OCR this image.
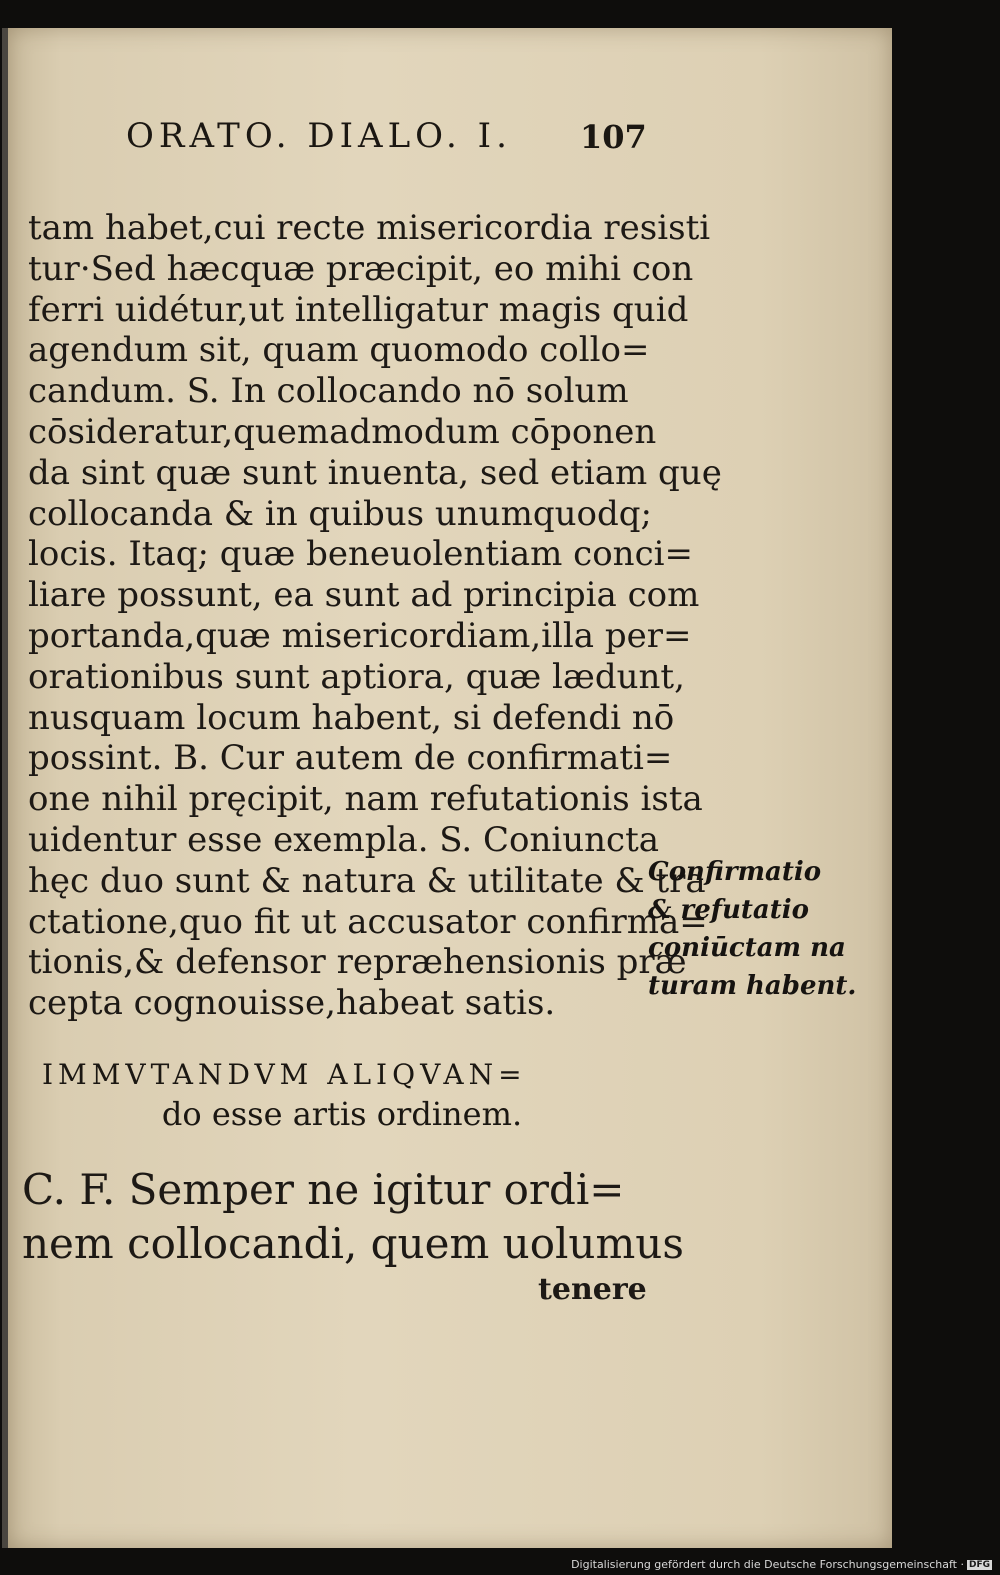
ORATO. DIALO. I. 107
tam habet,cui recte misericordia resisti
tur·Sed hæcquæ præcipit, eo mihi con
ferri uidétur,ut intelligatur magis quid
agendum sit, quam quomodo collo=
candum. S. In collocando nō solum
cōsideratur,quemadmodum cōponen
da sint quæ sunt inuenta, sed etiam quę
collocanda & in quibus unumquodq;
locis. Itaq; quæ beneuolentiam conci=
liare possunt, ea sunt ad principia com
portanda,quæ misericordiam,illa per=
orationibus sunt aptiora, quæ lædunt,
nusquam locum habent, si defendi nō
possint. B. Cur autem de confirmati=
one nihil pręcipit, nam refutationis ista
uidentur esse exempla. S. Coniuncta
hęc duo sunt & natura & utilitate & tra
ctatione,quo fit ut accusator confirma=
tionis,& defensor repræhensionis præ
cepta cognouisse,habeat satis.
Confirmatio
& refutatio
coniūctam na
turam habent.
IMMVTANDVM ALIQVAN=
do esse artis ordinem.
C. F. Semper ne igitur ordi=
nem collocandi, quem uolumus
tenere
Digitalisierung gefördert durch die Deutsche Forschungsgemeinschaft · DFG
